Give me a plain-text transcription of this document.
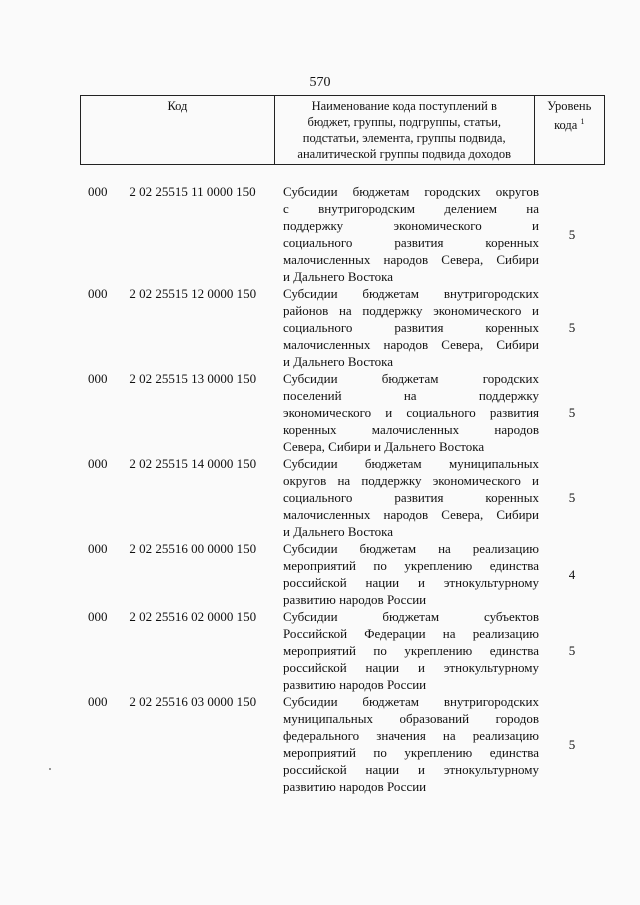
570
Код	Наименование кода поступлений в
бюджет, группы, подгруппы, статьи,
подстатьи, элемента, группы подвида,
аналитической группы подвида доходов	Уровень
кода $^1$
000	2 02 25515 11 0000 150	Субсидии бюджетам городских округов
с внутригородским делением на
поддержку экономического и
социального развития коренных
малочисленных народов Севера, Сибири
и Дальнего Востока
5
000	2 02 25515 12 0000 150	Субсидии бюджетам внутригородских
районов на поддержку экономического и
социального развития коренных
малочисленных народов Севера, Сибири
и Дальнего Востока
5
000	2 02 25515 13 0000 150	Субсидии бюджетам городских
поселений на поддержку
экономического и социального развития
коренных малочисленных народов
Севера, Сибири и Дальнего Востока
5
000	2 02 25515 14 0000 150	Субсидии бюджетам муниципальных
округов на поддержку экономического и
социального развития коренных
малочисленных народов Севера, Сибири
и Дальнего Востока
5
000	2 02 25516 00 0000 150	Субсидии бюджетам на реализацию
мероприятий по укреплению единства
российской нации и этнокультурному
развитию народов России
4
000	2 02 25516 02 0000 150	Субсидии бюджетам субъектов
Российской Федерации на реализацию
мероприятий по укреплению единства
российской нации и этнокультурному
развитию народов России
5
000	2 02 25516 03 0000 150	Субсидии бюджетам внутригородских
муниципальных образований городов
федерального значения на реализацию
мероприятий по укреплению единства
российской нации и этнокультурному
развитию народов России
5
